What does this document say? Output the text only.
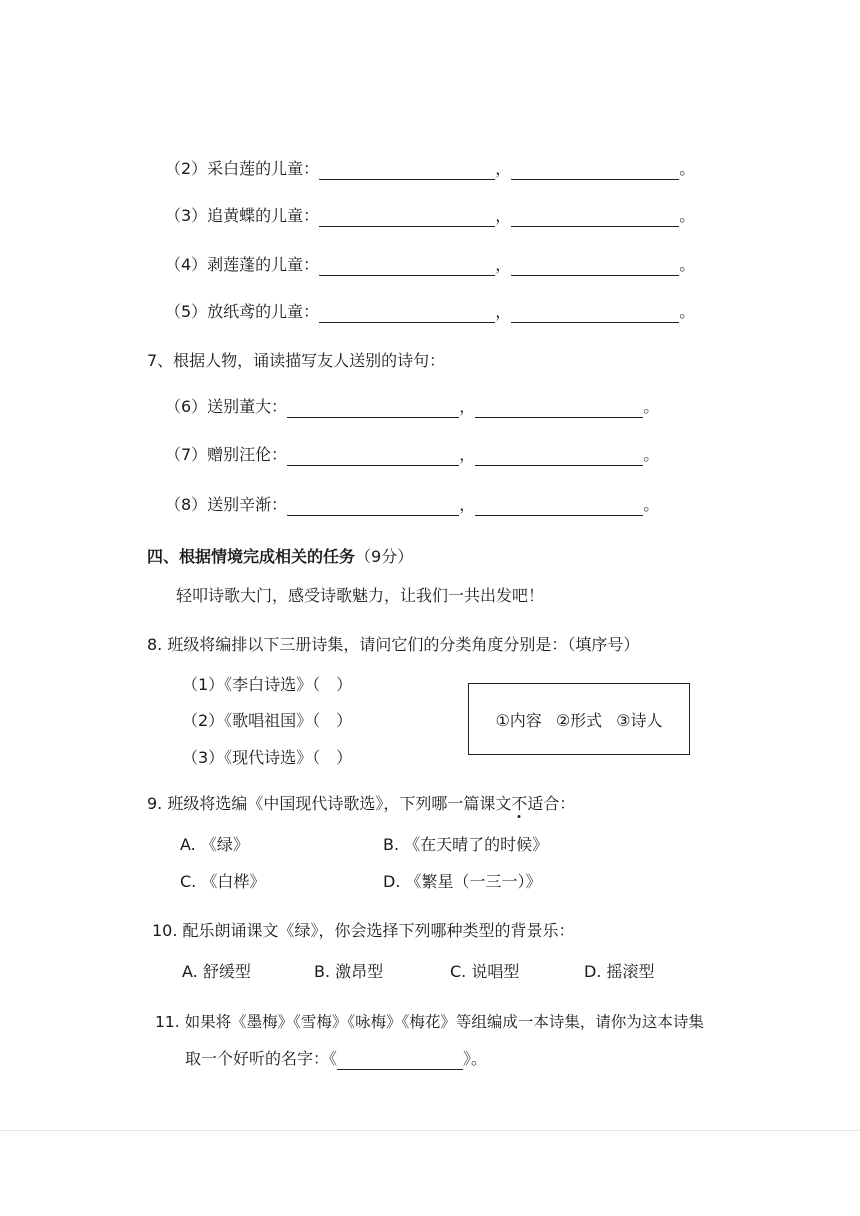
（2）采白莲的儿童：	，	。
（3）追黄蝶的儿童：	，	。
（4）剥莲蓬的儿童：	，	。
（5）放纸鸢的儿童：	，	。
7、根据人物，诵读描写友人送别的诗句：
（6）送别董大：	，	。
（7）赠别汪伦：	，	。
（8）送别辛渐：	，	。
四、根据情境完成相关的任务（9分）
轻叩诗歌大门，感受诗歌魅力，让我们一共出发吧！
8. 班级将编排以下三册诗集，请问它们的分类角度分别是：（填序号）
（1）《李白诗选》（　）
（2）《歌唱祖国》（　）
（3）《现代诗选》（　）
①内容 ②形式 ③诗人
9. 班级将选编《中国现代诗歌选》，下列哪一篇课文不适合：
A. 《绿》	B. 《在天晴了的时候》
C. 《白桦》	D. 《繁星（一三一）》
10. 配乐朗诵课文《绿》，你会选择下列哪种类型的背景乐：
A. 舒缓型	B. 激昂型	C. 说唱型	D. 摇滚型
11. 如果将《墨梅》《雪梅》《咏梅》《梅花》等组编成一本诗集，请你为这本诗集
取一个好听的名字：《	》。
